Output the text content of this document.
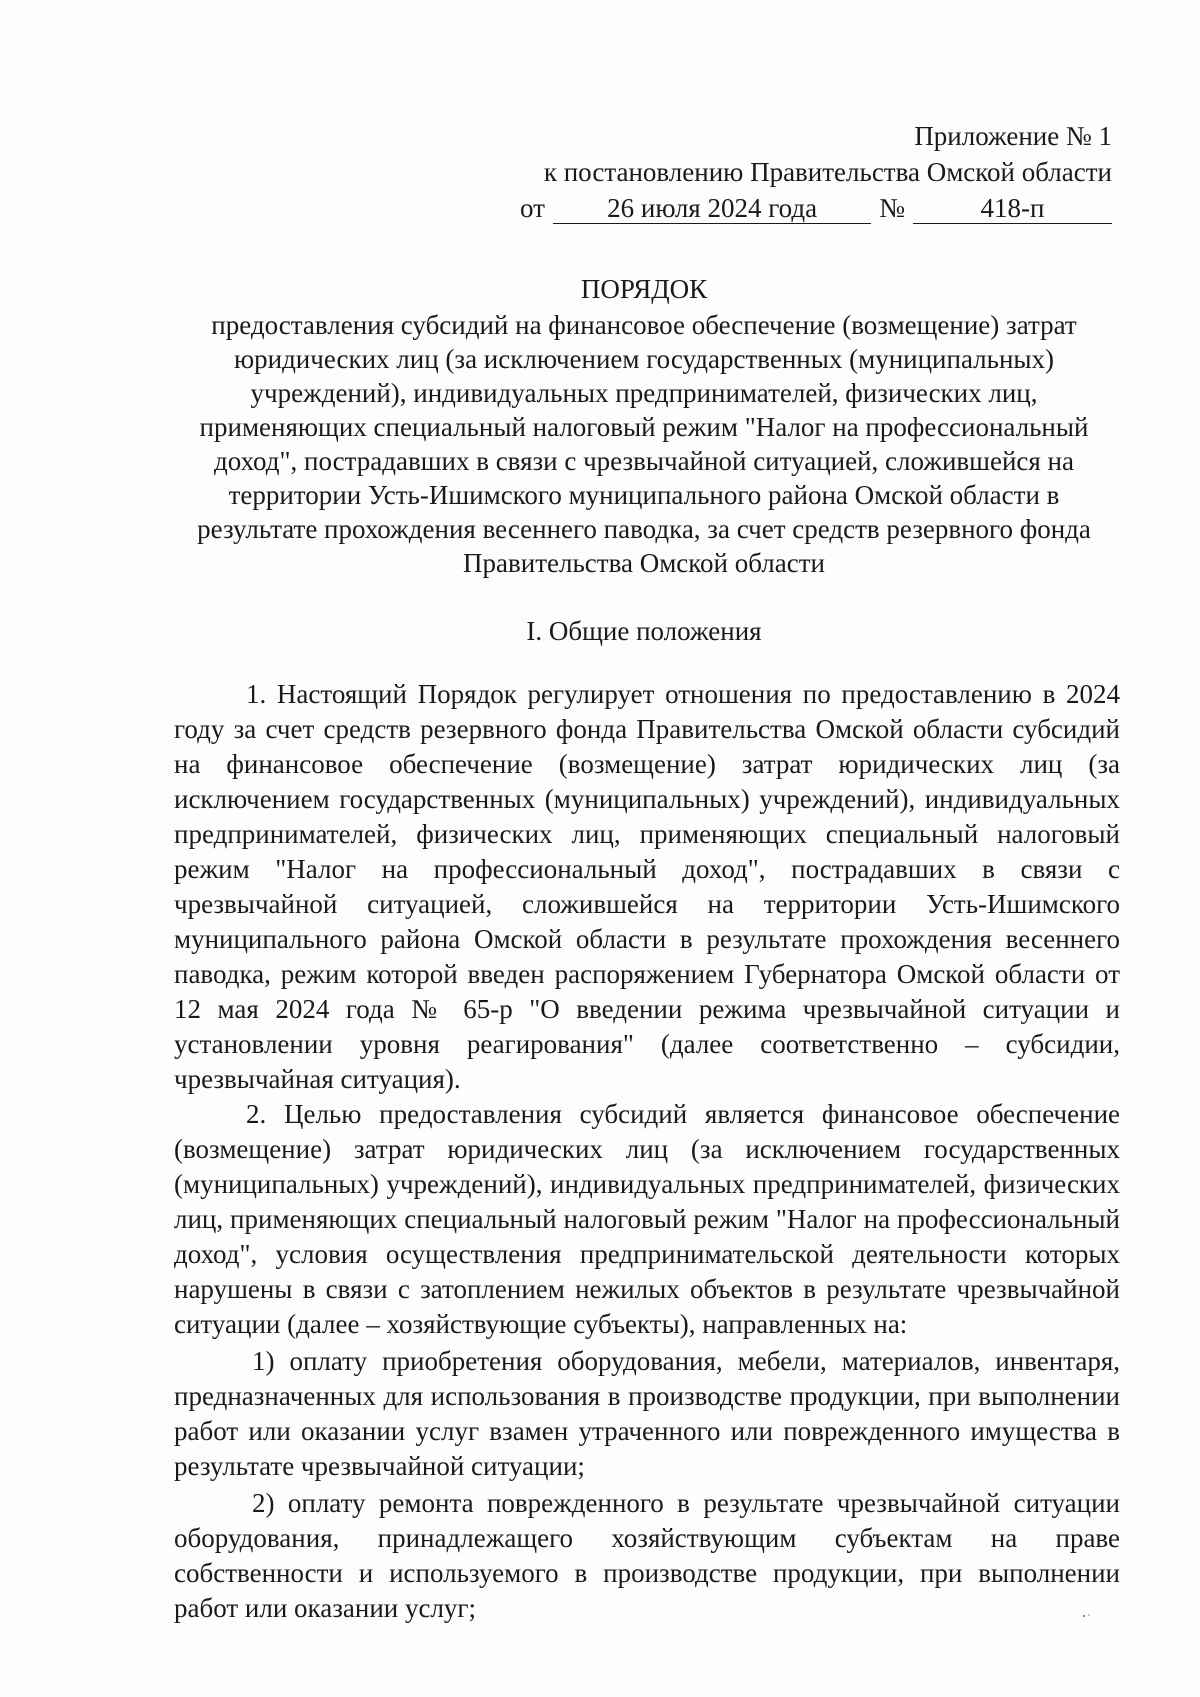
Приложение № 1
к постановлению Правительства Омской области
от	26 июля 2024 года	№	418-п
ПОРЯДОК
предоставления субсидий на финансовое обеспечение (возмещение) затрат юридических лиц (за исключением государственных (муниципальных) учреждений), индивидуальных предпринимателей, физических лиц, применяющих специальный налоговый режим "Налог на профессиональный доход", пострадавших в связи с чрезвычайной ситуацией, сложившейся на территории Усть-Ишимского муниципального района Омской области в результате прохождения весеннего паводка, за счет средств резервного фонда Правительства Омской области
I. Общие положения

1. Настоящий Порядок регулирует отношения по предоставлению в 2024 году за счет средств резервного фонда Правительства Омской области субсидий на финансовое обеспечение (возмещение) затрат юридических лиц (за исключением государственных (муниципальных) учреждений), индивидуальных предпринимателей, физических лиц, применяющих специальный налоговый режим "Налог на профессиональный доход", пострадавших в связи с чрезвычайной ситуацией, сложившейся на территории Усть-Ишимского муниципального района Омской области в результате прохождения весеннего паводка, режим которой введен распоряжением Губернатора Омской области от 12 мая 2024 года № 65-р "О введении режима чрезвычайной ситуации и установлении уровня реагирования" (далее соответственно – субсидии, чрезвычайная ситуация).

2. Целью предоставления субсидий является финансовое обеспечение (возмещение) затрат юридических лиц (за исключением государственных (муниципальных) учреждений), индивидуальных предпринимателей, физических лиц, применяющих специальный налоговый режим "Налог на профессиональный доход", условия осуществления предпринимательской деятельности которых нарушены в связи с затоплением нежилых объектов в результате чрезвычайной ситуации (далее – хозяйствующие субъекты), направленных на:

1) оплату приобретения оборудования, мебели, материалов, инвентаря, предназначенных для использования в производстве продукции, при выполнении работ или оказании услуг взамен утраченного или поврежденного имущества в результате чрезвычайной ситуации;

2) оплату ремонта поврежденного в результате чрезвычайной ситуации оборудования, принадлежащего хозяйствующим субъектам на праве собственности и используемого в производстве продукции, при выполнении работ или оказании услуг;
